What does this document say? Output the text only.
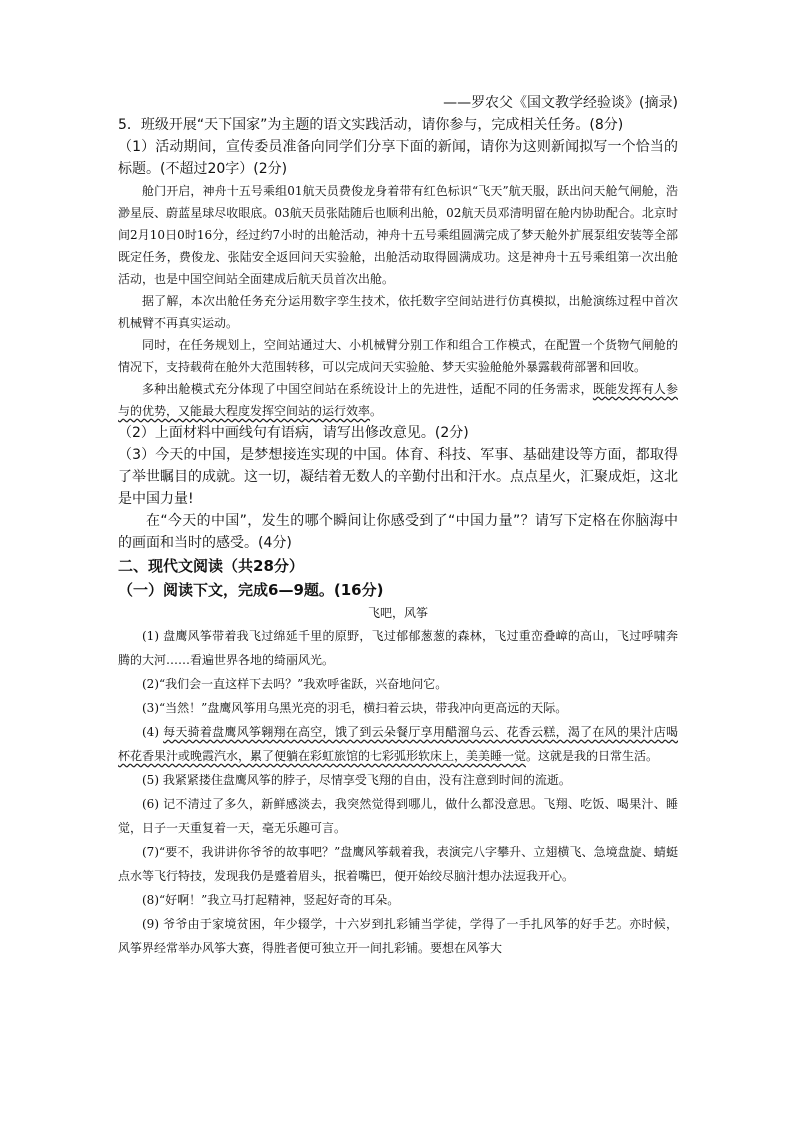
——罗农父《国文教学经验谈》(摘录)

5．班级开展“天下国家”为主题的语文实践活动，请你参与，完成相关任务。(8分)

（1）活动期间，宣传委员准备向同学们分享下面的新闻，请你为这则新闻拟写一个恰当的标题。(不超过20字）(2分)

舱门开启，神舟十五号乘组01航天员费俊龙身着带有红色标识“飞天”航天服，跃出问天舱气闸舱，浩渺星辰、蔚蓝星球尽收眼底。03航天员张陆随后也顺利出舱，02航天员邓清明留在舱内协助配合。北京时间2月10日0时16分，经过约7小时的出舱活动，神舟十五号乘组圆满完成了梦天舱外扩展泵组安装等全部既定任务，费俊龙、张陆安全返回问天实验舱，出舱活动取得圆满成功。这是神舟十五号乘组第一次出舱活动，也是中国空间站全面建成后航天员首次出舱。

据了解，本次出舱任务充分运用数字孪生技术，依托数字空间站进行仿真模拟，出舱演练过程中首次机械臂不再真实运动。

同时，在任务规划上，空间站通过大、小机械臂分别工作和组合工作模式，在配置一个货物气闸舱的情况下，支持载荷在舱外大范围转移，可以完成问天实验舱、梦天实验舱舱外暴露载荷部署和回收。

多种出舱模式充分体现了中国空间站在系统设计上的先进性，适配不同的任务需求，既能发挥有人参与的优势，又能最大程度发挥空间站的运行效率。

（2）上面材料中画线句有语病，请写出修改意见。(2分)

（3）今天的中国，是梦想接连实现的中国。体育、科技、军事、基础建设等方面，都取得了举世瞩目的成就。这一切，凝结着无数人的辛勤付出和汗水。点点星火，汇聚成炬，这北是中国力量!

在“今天的中国”，发生的哪个瞬间让你感受到了“中国力量”？请写下定格在你脑海中的画面和当时的感受。(4分)

二、现代文阅读（共28分）

（一）阅读下文，完成6—9题。(16分)

飞吧，风筝

(1) 盘鹰风筝带着我飞过绵延千里的原野，飞过郁郁葱葱的森林，飞过重峦叠嶂的高山，飞过呼啸奔腾的大河……看遍世界各地的绮丽风光。

(2)“我们会一直这样下去吗？”我欢呼雀跃，兴奋地问它。

(3)“当然！”盘鹰风筝用乌黑光亮的羽毛，横扫着云块，带我冲向更高远的天际。

(4) 每天骑着盘鹰风筝翱翔在高空，饿了到云朵餐厅享用醋溜乌云、花香云糕，渴了在风的果汁店喝杯花香果汁或晚霞汽水，累了便躺在彩虹旅馆的七彩弧形软床上，美美睡一觉。这就是我的日常生活。

(5) 我紧紧搂住盘鹰风筝的脖子，尽情享受飞翔的自由，没有注意到时间的流逝。

(6) 记不清过了多久，新鲜感淡去，我突然觉得到哪儿，做什么都没意思。飞翔、吃饭、喝果汁、睡觉，日子一天重复着一天，毫无乐趣可言。

(7)“要不，我讲讲你爷爷的故事吧？”盘鹰风筝载着我，表演完八字攀升、立翅横飞、急境盘旋、蜻蜓点水等飞行特技，发现我仍是蹙着眉头，抿着嘴巴，便开始绞尽脑汁想办法逗我开心。

(8)“好啊！”我立马打起精神，竖起好奇的耳朵。

(9) 爷爷由于家境贫困，年少辍学，十六岁到扎彩铺当学徒，学得了一手扎风筝的好手艺。亦时候，风筝界经常举办风筝大赛，得胜者便可独立开一间扎彩铺。要想在风筝大
